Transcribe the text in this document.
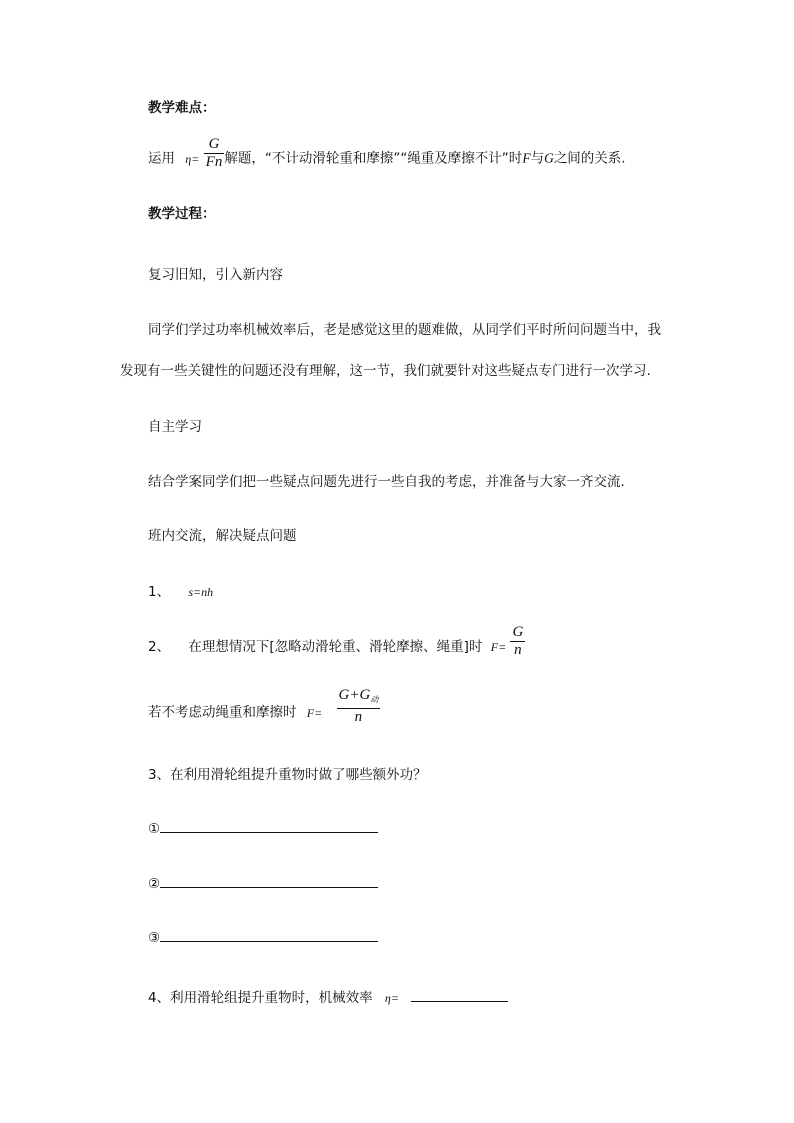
教学难点：
运用 $\eta= \frac{G}{Fn}$ 解题，“不计动滑轮重和摩擦”“绳重及摩擦不计”时F与G之间的关系.
教学过程：
复习旧知，引入新内容
同学们学过功率机械效率后，老是感觉这里的题难做，从同学们平时所问问题当中，我
发现有一些关键性的问题还没有理解，这一节，我们就要针对这些疑点专门进行一次学习.
自主学习
结合学案同学们把一些疑点问题先进行一些自我的考虑，并准备与大家一齐交流.
班内交流，解决疑点问题
1、 s=nh
2、 在理想情况下[忽略动滑轮重、滑轮摩擦、绳重]时 $F= \frac{G}{n}$
若不考虑动绳重和摩擦时 $F= \frac{G+G_动}{n}$
3、在利用滑轮组提升重物时做了哪些额外功？
①
②
③
4、利用滑轮组提升重物时，机械效率 η=
